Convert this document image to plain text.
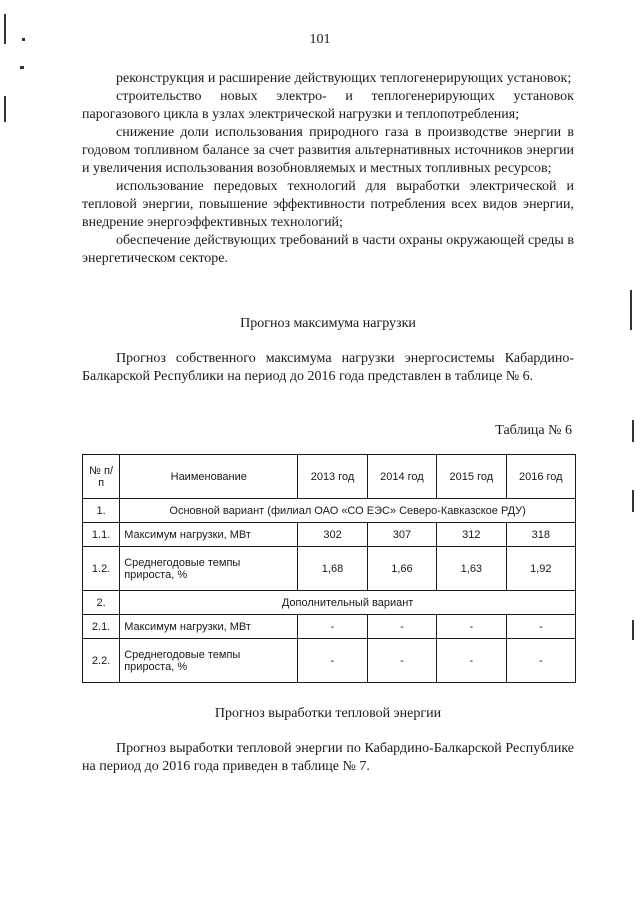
101

реконструкция и расширение действующих теплогенерирующих установок;

строительство новых электро- и теплогенерирующих установок парогазового цикла в узлах электрической нагрузки и теплопотребления;

снижение доли использования природного газа в производстве энергии в годовом топливном балансе за счет развития альтернативных источников энергии и увеличения использования возобновляемых и местных топливных ресурсов;

использование передовых технологий для выработки электрической и тепловой энергии, повышение эффективности потребления всех видов энергии, внедрение энергоэффективных технологий;

обеспечение действующих требований в части охраны окружающей среды в энергетическом секторе.

Прогноз максимума нагрузки

Прогноз собственного максимума нагрузки энергосистемы Кабардино-Балкарской Республики на период до 2016 года представлен в таблице № 6.

Таблица № 6
№ п/п	Наименование	2013 год	2014 год	2015 год	2016 год
1.	Основной вариант (филиал ОАО «СО ЕЭС» Северо-Кавказское РДУ)				
1.1.	Максимум нагрузки, МВт	302	307	312	318
1.2.	Среднегодовые темпы прироста, %	1,68	1,66	1,63	1,92
2.	Дополнительный вариант				
2.1.	Максимум нагрузки, МВт	-	-	-	-
2.2.	Среднегодовые темпы прироста, %	-	-	-	-
Прогноз выработки тепловой энергии

Прогноз выработки тепловой энергии по Кабардино-Балкарской Республике на период до 2016 года приведен в таблице № 7.
